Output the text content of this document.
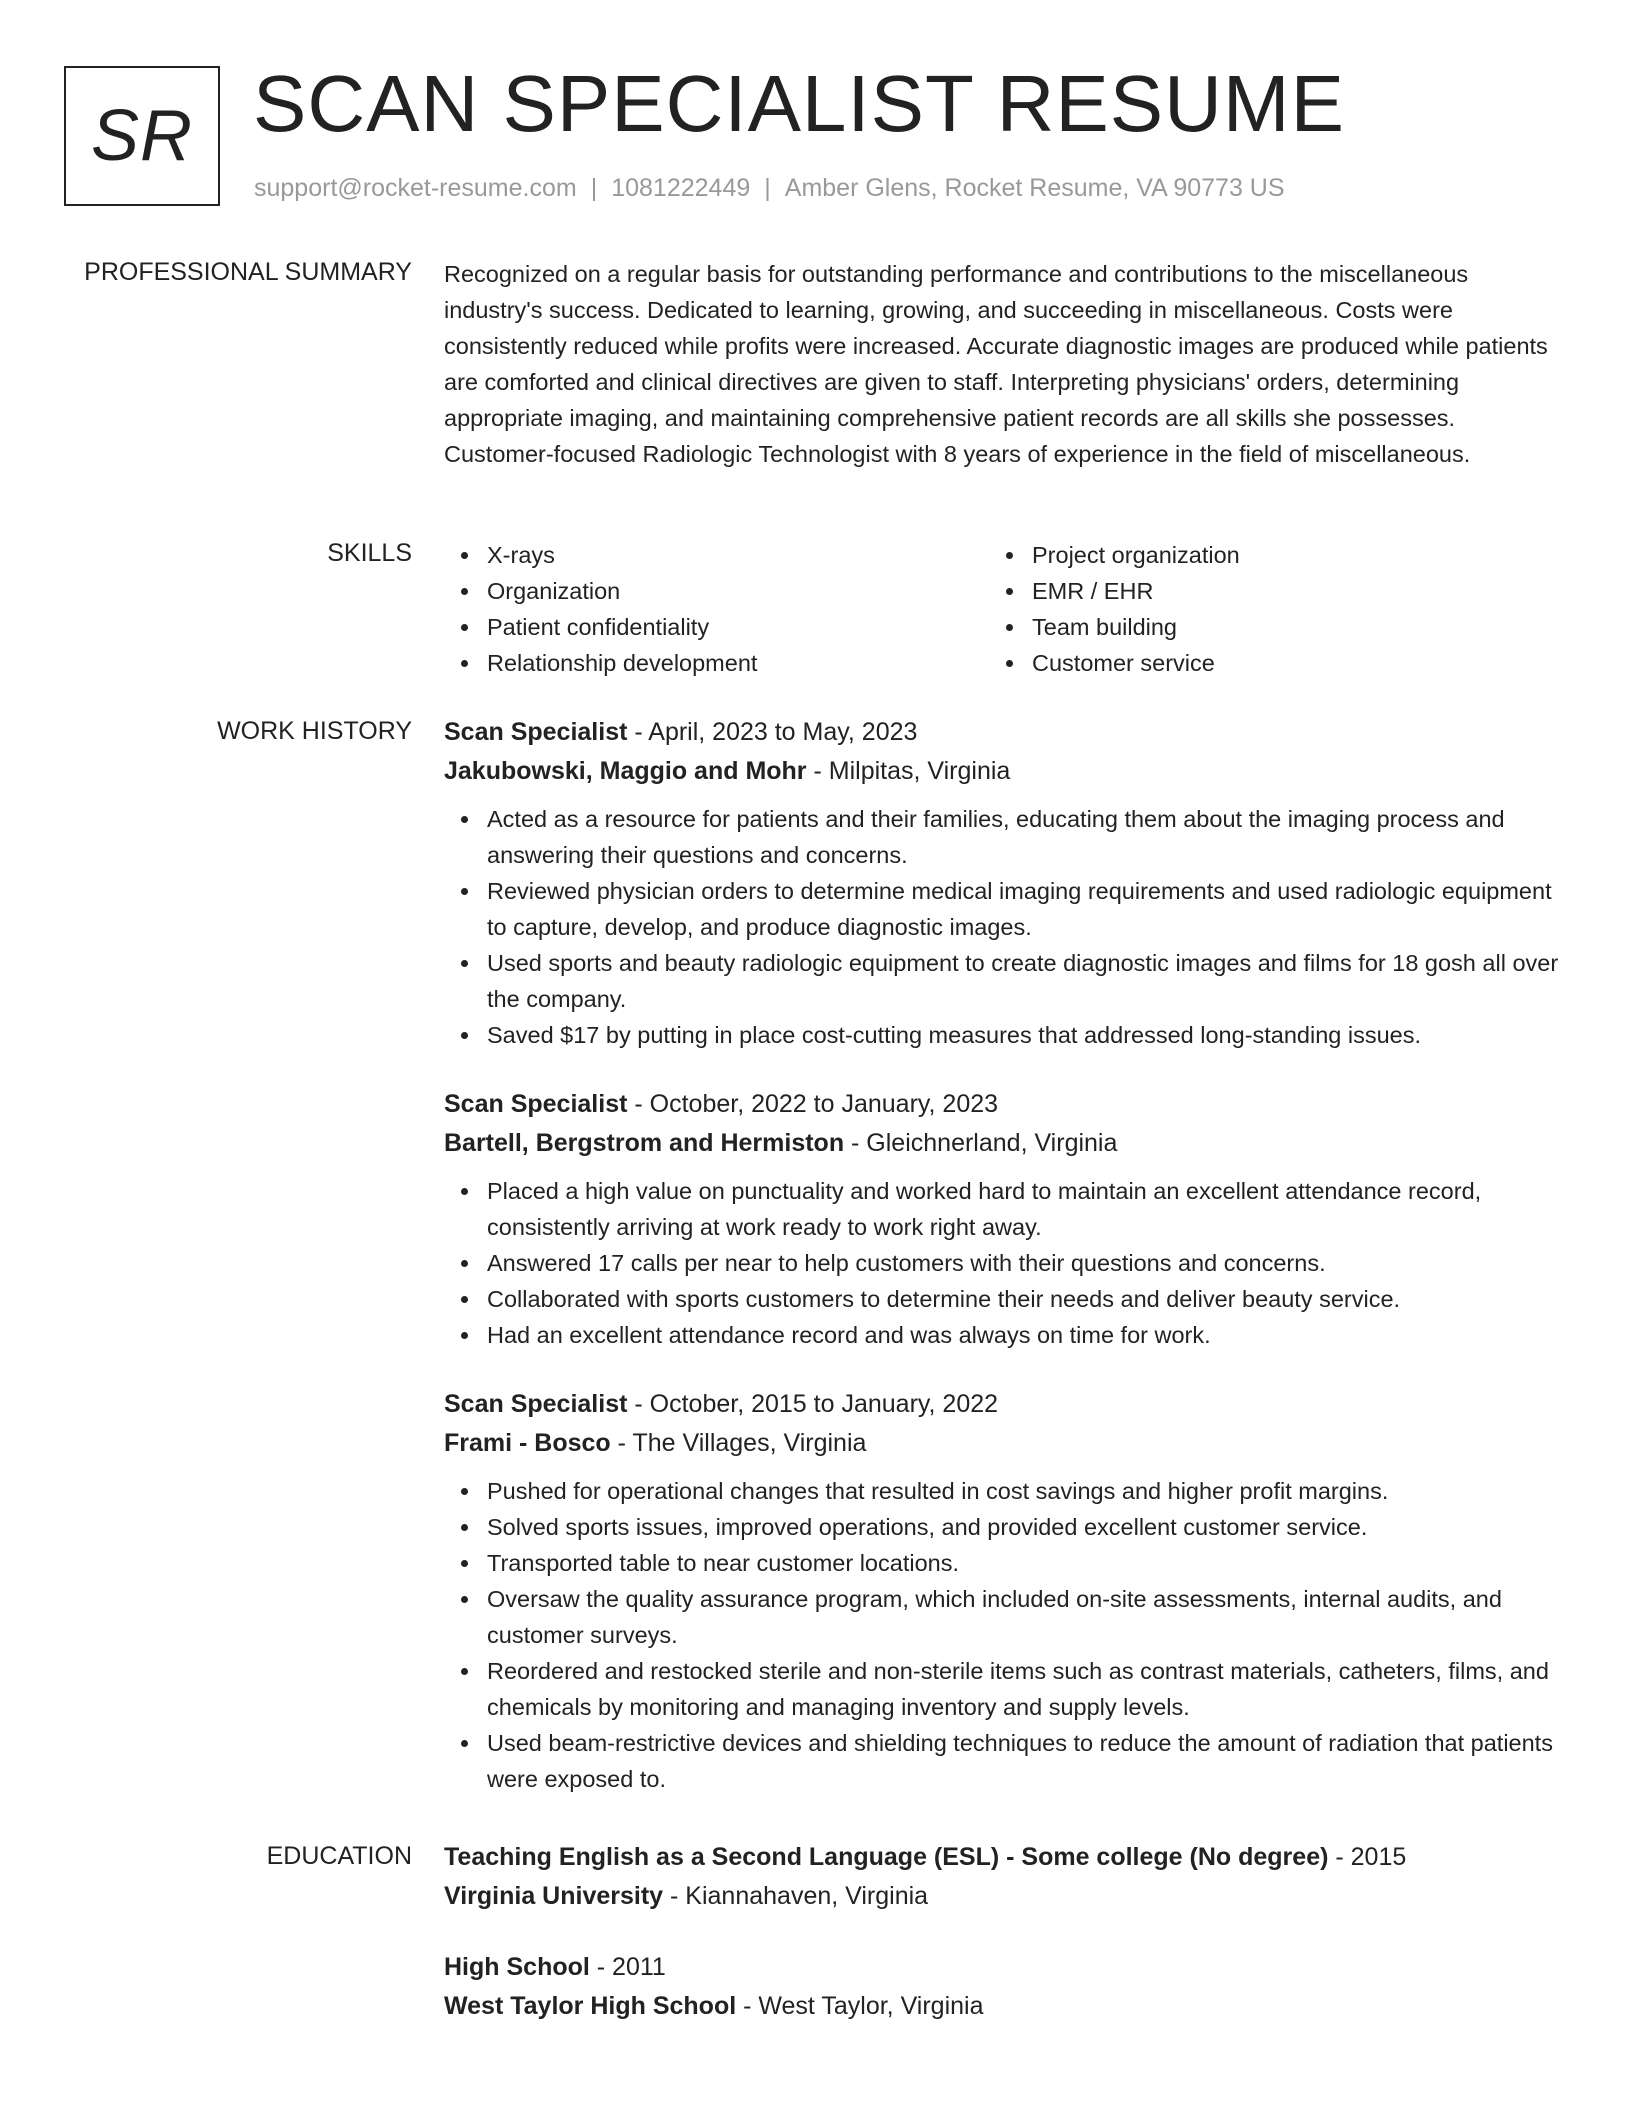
SR SCAN SPECIALIST RESUME
support@rocket-resume.com | 1081222449 | Amber Glens, Rocket Resume, VA 90773 US
PROFESSIONAL SUMMARY Recognized on a regular basis for outstanding performance and contributions to the miscellaneous industry's success. Dedicated to learning, growing, and succeeding in miscellaneous. Costs were consistently reduced while profits were increased. Accurate diagnostic images are produced while patients are comforted and clinical directives are given to staff. Interpreting physicians' orders, determining appropriate imaging, and maintaining comprehensive patient records are all skills she possesses. Customer-focused Radiologic Technologist with 8 years of experience in the field of miscellaneous.

SKILLS	X-rays
Organization
Patient confidentiality
Relationship development
Project organization
EMR / EHR
Team building
Customer service
WORK HISTORY Scan Specialist - April, 2023 to May, 2023
Jakubowski, Maggio and Mohr - Milpitas, Virginia
Acted as a resource for patients and their families, educating them about the imaging process and answering their questions and concerns.
Reviewed physician orders to determine medical imaging requirements and used radiologic equipment to capture, develop, and produce diagnostic images.
Used sports and beauty radiologic equipment to create diagnostic images and films for 18 gosh all over the company.
Saved $17 by putting in place cost-cutting measures that addressed long-standing issues.
Scan Specialist - October, 2022 to January, 2023
Bartell, Bergstrom and Hermiston - Gleichnerland, Virginia
Placed a high value on punctuality and worked hard to maintain an excellent attendance record, consistently arriving at work ready to work right away.
Answered 17 calls per near to help customers with their questions and concerns.
Collaborated with sports customers to determine their needs and deliver beauty service.
Had an excellent attendance record and was always on time for work.
Scan Specialist - October, 2015 to January, 2022
Frami - Bosco - The Villages, Virginia
Pushed for operational changes that resulted in cost savings and higher profit margins.
Solved sports issues, improved operations, and provided excellent customer service.
Transported table to near customer locations.
Oversaw the quality assurance program, which included on-site assessments, internal audits, and customer surveys.
Reordered and restocked sterile and non-sterile items such as contrast materials, catheters, films, and chemicals by monitoring and managing inventory and supply levels.
Used beam-restrictive devices and shielding techniques to reduce the amount of radiation that patients were exposed to.
EDUCATION Teaching English as a Second Language (ESL) - Some college (No degree) - 2015
Virginia University - Kiannahaven, Virginia
High School - 2011
West Taylor High School - West Taylor, Virginia
